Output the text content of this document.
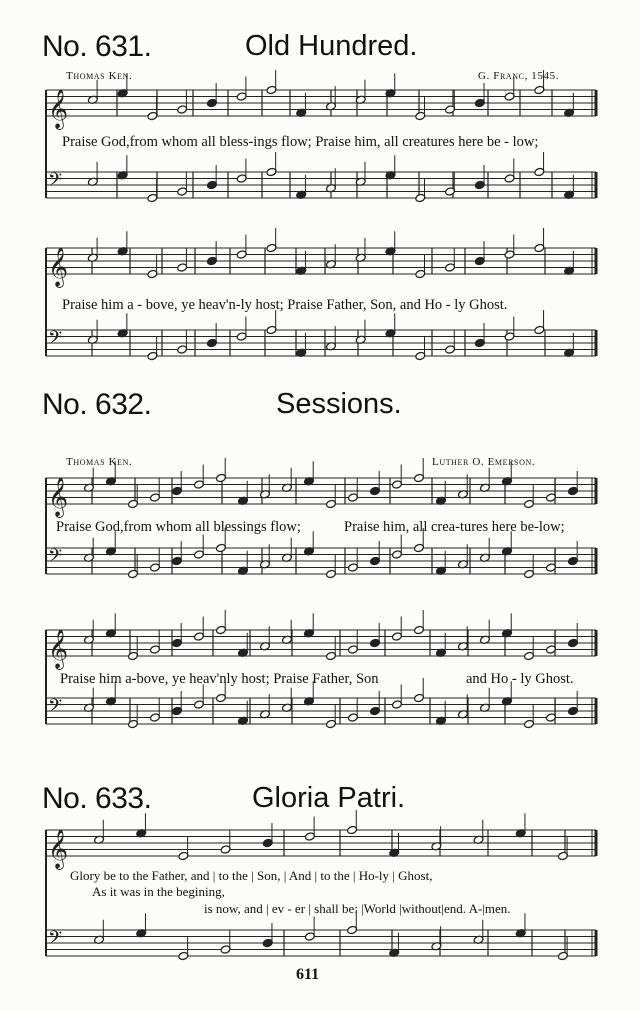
No. 631.	Old Hundred.
Thomas Ken.	G. Franc, 1545.
Praise God,from whom all bless-ings flow; Praise him, all creatures here be - low;
Praise him a - bove, ye heav'n-ly host; Praise Father, Son, and Ho - ly Ghost.
No. 632.	Sessions.
Thomas Ken.	Luther O. Emerson.
Praise God,from whom all blessings flow;	Praise him, all crea-tures here be-low;
Praise him a-bove, ye heav'nly host; Praise Father, Son	and Ho - ly Ghost.
No. 633.	Gloria Patri.
Glory be to the Father, and | to the | Son, | And | to the | Ho-ly | Ghost,
As it was in the begining,
is now, and | ev - er | shall be: |World |without|end. A-|men.
611
𝄞
𝄢
𝄞
𝄢
𝄞
𝄢
𝄞
𝄢
𝄞
𝄢
